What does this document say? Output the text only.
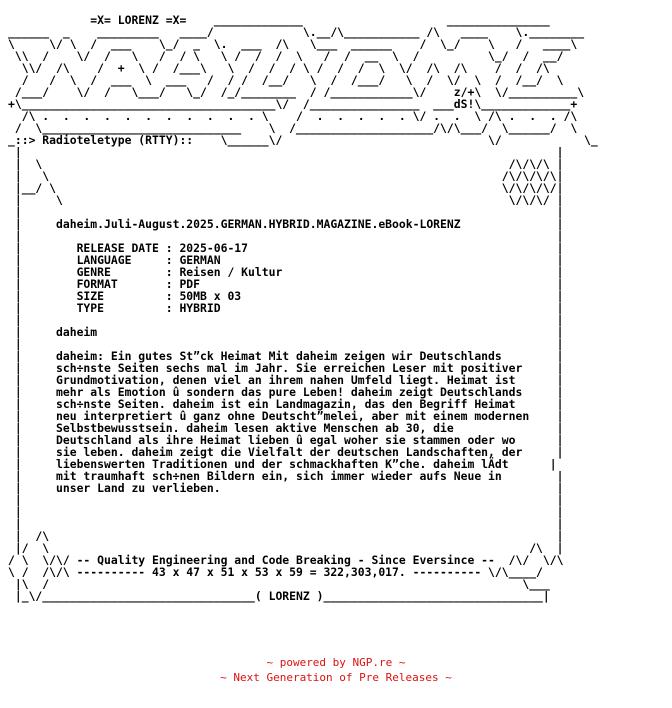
=X= LORENZ =X=    _____________                     _______________
______  _    _________   ____/             \.__/\___________ /\   ____    \.________
\     \/ \  /  ___    \_/  _  \.  ___  /\   \___  ______    /  \_/    \   /   ____\
\\  /    \/  /   \   /  / \   \ /  /  /  \   /  /  __  \  /          \_/  /  __/
\\/  /\    /  +  \ /  /___\   \  /  /  / \ /  /  /  \  \/  /\  /\    /  /  /\
/   /  \  /  ___  \  ___   /  / /  /__/   \  /  /___/   \  /  \/  \  /  /__/  \
/___/    \/  /   \___/   \_/  /_/________  / /____________\/    z/+\  \/__________\
+\_____________________________________\/  /________________  ___dS!\_____________+
/\ .  .  .  .  .  .  .  .  .  .  . \    /  .  .  .  .  . \/ .  .  \ /\ .  .  . /\
/  \_____________________________    \  /____________________/\/\___/  \______/  \
_::> Radioteletype (RTTY)::    \______\/                              \/            \_
|                                                                              |
|  \                                                                    /\/\/\ |
|   \                                                                  /\/\/\/\|
|__/ \                                                                 \/\/\/\/|
|     \                                                                 \/\/\/ |
|                                                                              |
|     daheim.Juli-August.2025.GERMAN.HYBRID.MAGAZINE.eBook-LORENZ              |
|                                                                              |
|        RELEASE DATE : 2025-06-17                                             |
|        LANGUAGE     : GERMAN                                                 |
|        GENRE        : Reisen / Kultur                                        |
|        FORMAT       : PDF                                                    |
|        SIZE         : 50MB x 03                                              |
|        TYPE         : HYBRID                                                 |
|                                                                              |
|     daheim                                                                   |
|                                                                              |
|     daheim: Ein gutes St”ck Heimat Mit daheim zeigen wir Deutschlands        |
|     sch÷nste Seiten sechs mal im Jahr. Sie erreichen Leser mit positiver     |
|     Grundmotivation, denen viel an ihrem nahen Umfeld liegt. Heimat ist      |
|     mehr als Emotion û sondern das pure Leben! daheim zeigt Deutschlands     |
|     sch÷nste Seiten. daheim ist ein Landmagazin, das den Begriff Heimat      |
|     neu interpretiert û ganz ohne Deutscht”melei, aber mit einem modernen    |
|     Selbstbewusstsein. daheim lesen aktive Menschen ab 30, die               |
|     Deutschland als ihre Heimat lieben û egal woher sie stammen oder wo      |
|     sie leben. daheim zeigt die Vielfalt der deutschen Landschaften, der     |
|     liebenswerten Traditionen und der schmackhaften K”che. daheim lÄdt      |
|     mit traumhaft sch÷nen Bildern ein, sich immer wieder aufs Neue in        |
|     unser Land zu verlieben.                                                 |
|                                                                              |
|                                                                              |
|                                                                              |
|  /\                                                                          |
|/  \                                                                      /\  |
/ \  \/\/ -- Quality Engineering and Code Breaking - Since Eversince --  /\/  \/\
\ /  /\/\ ---------- 43 x 47 x 51 x 53 x 59 = 322,303,017. ---------- \/\____/
|\  /                                                                     \___
|_\/_______________________________( LORENZ )________________________________|
~ powered by NGP.re ~
~ Next Generation of Pre Releases ~
